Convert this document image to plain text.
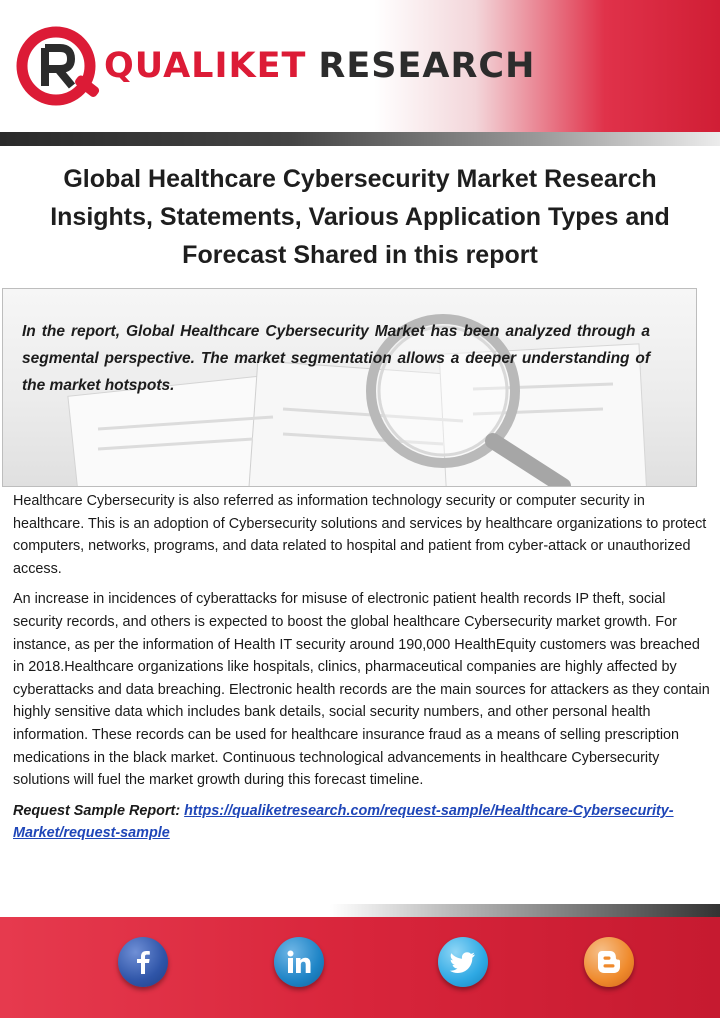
QUALIKET RESEARCH
Global Healthcare Cybersecurity Market Research Insights, Statements, Various Application Types and Forecast Shared in this report

In the report, Global Healthcare Cybersecurity Market has been analyzed through a segmental perspective. The market segmentation allows a deeper understanding of the market hotspots.

Healthcare Cybersecurity is also referred as information technology security or computer security in healthcare. This is an adoption of Cybersecurity solutions and services by healthcare organizations to protect computers, networks, programs, and data related to hospital and patient from cyber-attack or unauthorized access.

An increase in incidences of cyberattacks for misuse of electronic patient health records IP theft, social security records, and others is expected to boost the global healthcare Cybersecurity market growth. For instance, as per the information of Health IT security around 190,000 HealthEquity customers was breached in 2018.Healthcare organizations like hospitals, clinics, pharmaceutical companies are highly affected by cyberattacks and data breaching. Electronic health records are the main sources for attackers as they contain highly sensitive data which includes bank details, social security numbers, and other personal health information. These records can be used for healthcare insurance fraud as a means of selling prescription medications in the black market. Continuous technological advancements in healthcare Cybersecurity solutions will fuel the market growth during this forecast timeline.

Request Sample Report: https://qualiketresearch.com/request-sample/Healthcare-Cybersecurity-Market/request-sample
